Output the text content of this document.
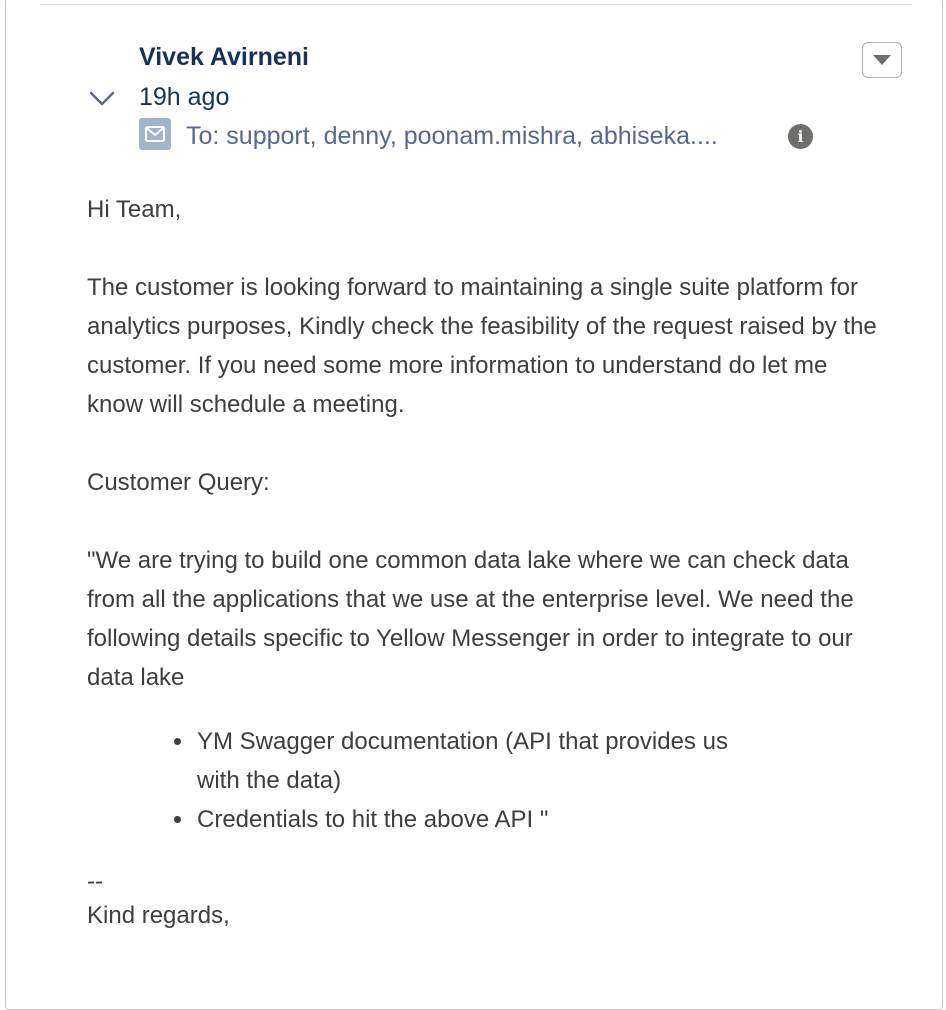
Vivek Avirneni
19h ago
To: support, denny, poonam.mishra, abhiseka....	i

Hi Team,

The customer is looking forward to maintaining a single suite platform for analytics purposes, Kindly check the feasibility of the request raised by the customer. If you need some more information to understand do let me know will schedule a meeting.

Customer Query:

"We are trying to build one common data lake where we can check data from all the applications that we use at the enterprise level. We need the following details specific to Yellow Messenger in order to integrate to our data lake

YM Swagger documentation (API that provides us with the data)
Credentials to hit the above API "

--

Kind regards,
